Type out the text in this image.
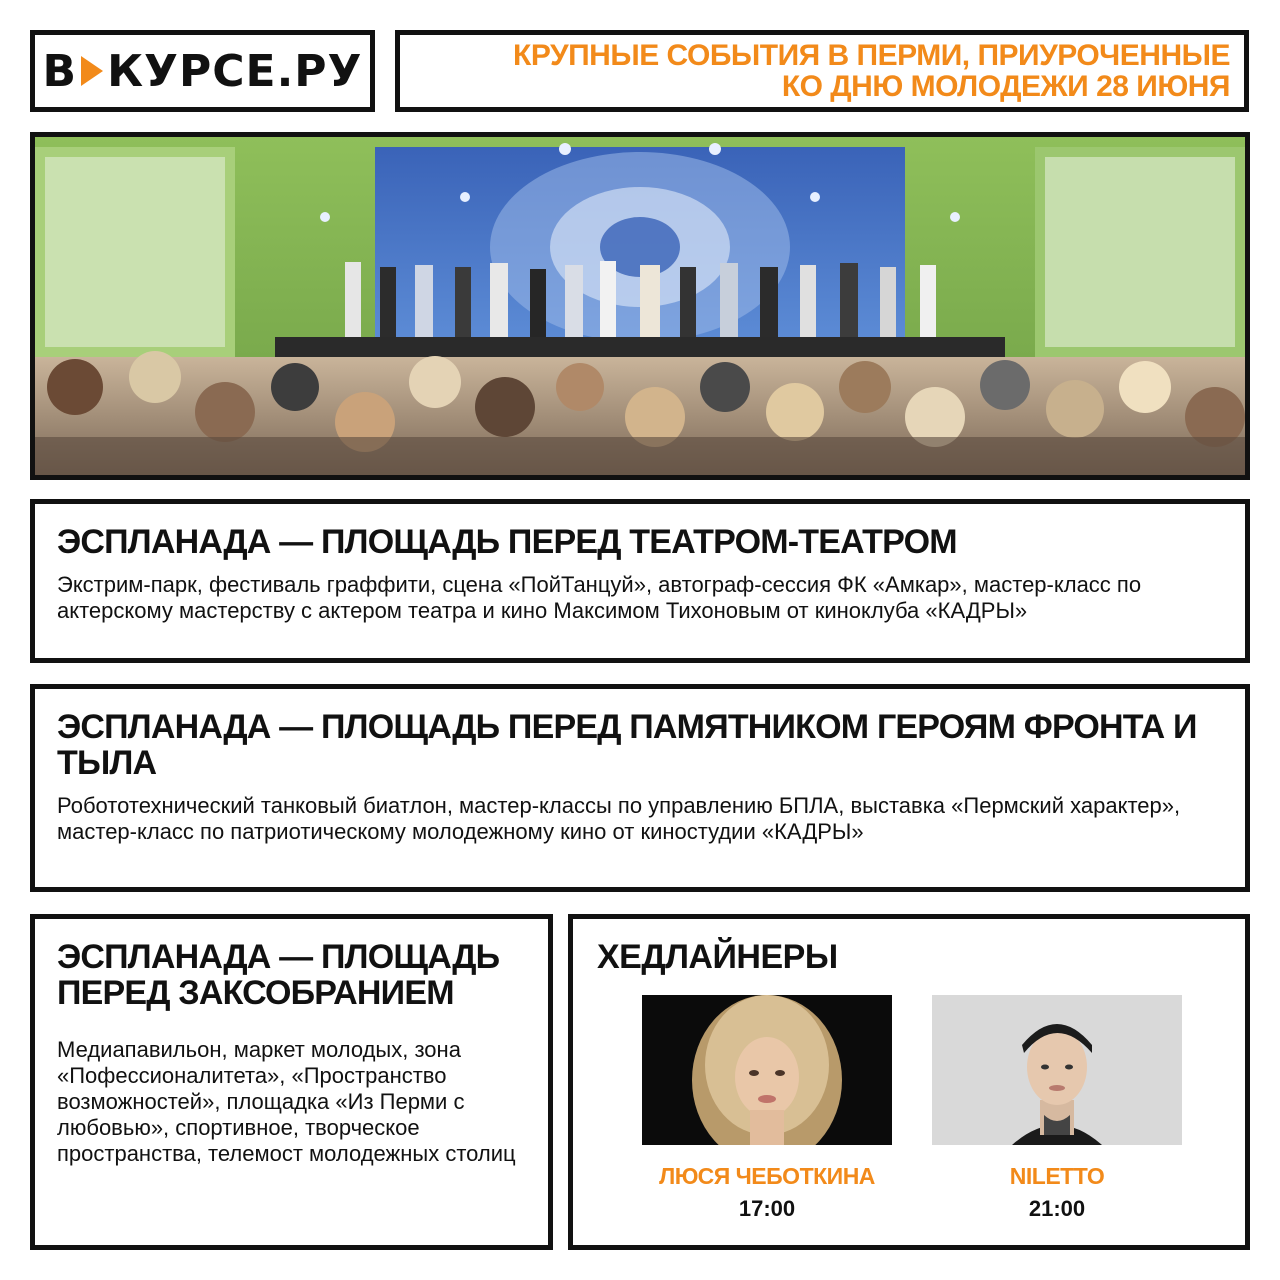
В КУРСЕ.РУ	КРУПНЫЕ СОБЫТИЯ В ПЕРМИ, ПРИУРОЧЕННЫЕ
КО ДНЮ МОЛОДЕЖИ 28 ИЮНЯ
ЭСПЛАНАДА — ПЛОЩАДЬ ПЕРЕД ТЕАТРОМ-ТЕАТРОМ
Экстрим-парк, фестиваль граффити, сцена «ПойТанцуй», автограф-сессия ФК «Амкар», мастер-класс по актерскому мастерству с актером театра и кино Максимом Тихоновым от киноклуба «КАДРЫ»
ЭСПЛАНАДА — ПЛОЩАДЬ ПЕРЕД ПАМЯТНИКОМ ГЕРОЯМ ФРОНТА И ТЫЛА
Робототехнический танковый биатлон, мастер-классы по управлению БПЛА, выставка «Пермский характер», мастер-класс по патриотическому молодежному кино от киностудии «КАДРЫ»
ЭСПЛАНАДА — ПЛОЩАДЬ ПЕРЕД ЗАКСОБРАНИЕМ
Медиапавильон, маркет молодых, зона «Пофессионалитета», «Пространство возможностей», площадка «Из Перми с любовью», спортивное, творческое пространства, телемост молодежных столиц
ХЕДЛАЙНЕРЫ
ЛЮСЯ ЧЕБОТКИНА
17:00
NILETTO
21:00
